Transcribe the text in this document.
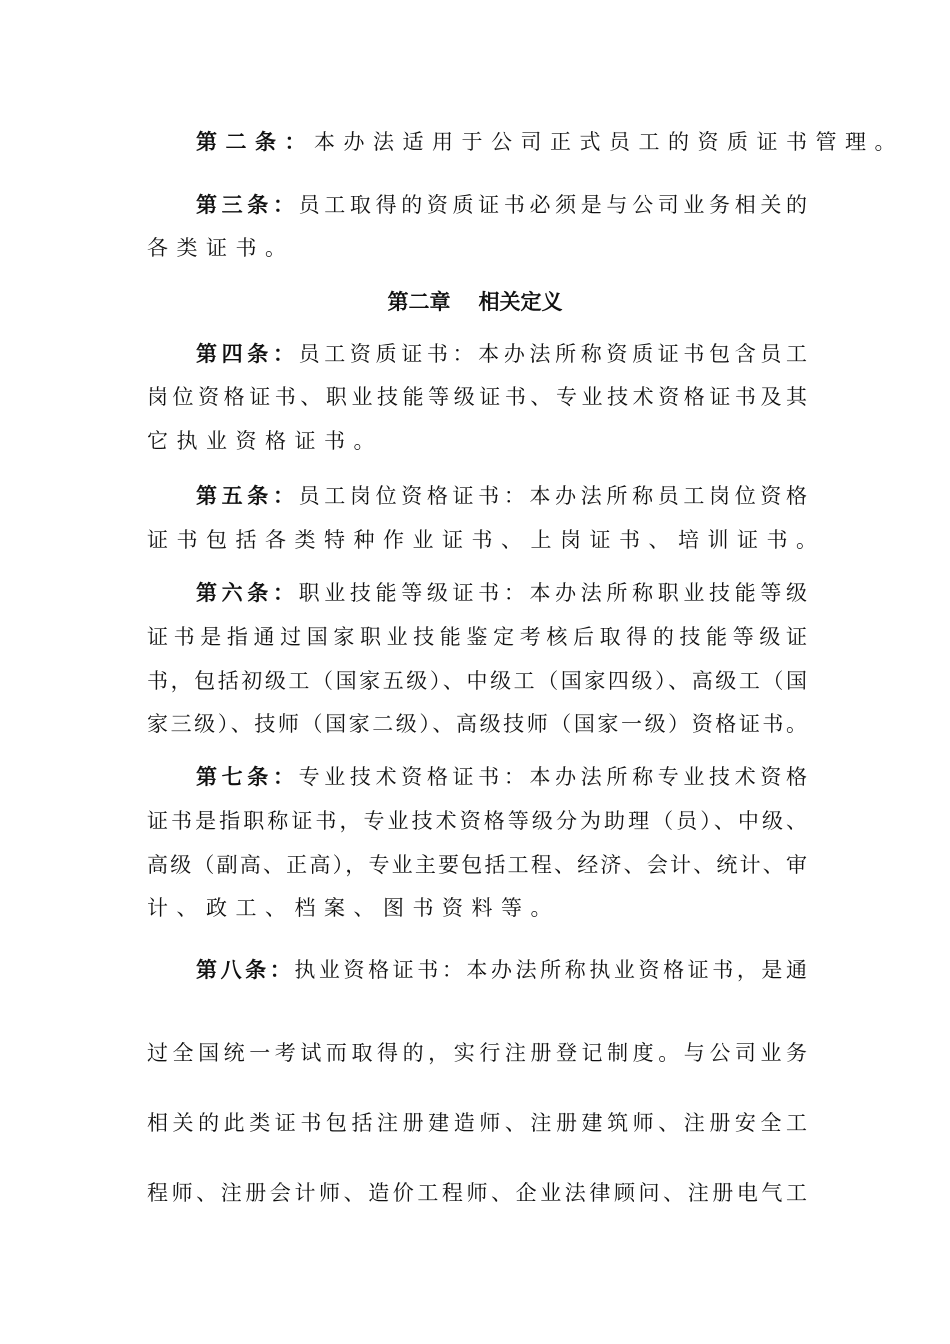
第二条：本办法适用于公司正式员工的资质证书管理。
第三条：员工取得的资质证书必须是与公司业务相关的
各类证书。
第二章 相关定义
第四条：员工资质证书：本办法所称资质证书包含员工
岗位资格证书、职业技能等级证书、专业技术资格证书及其
它执业资格证书。
第五条：员工岗位资格证书：本办法所称员工岗位资格
证书包括各类特种作业证书、上岗证书、培训证书。
第六条：职业技能等级证书：本办法所称职业技能等级
证书是指通过国家职业技能鉴定考核后取得的技能等级证
书，包括初级工（国家五级）、中级工（国家四级）、高级工（国
家三级）、技师（国家二级）、高级技师（国家一级）资格证书。
第七条：专业技术资格证书：本办法所称专业技术资格
证书是指职称证书，专业技术资格等级分为助理（员）、中级、
高级（副高、正高），专业主要包括工程、经济、会计、统计、审
计、政工、档案、图书资料等。
第八条：执业资格证书：本办法所称执业资格证书，是通
过全国统一考试而取得的，实行注册登记制度。与公司业务
相关的此类证书包括注册建造师、注册建筑师、注册安全工
程师、注册会计师、造价工程师、企业法律顾问、注册电气工
